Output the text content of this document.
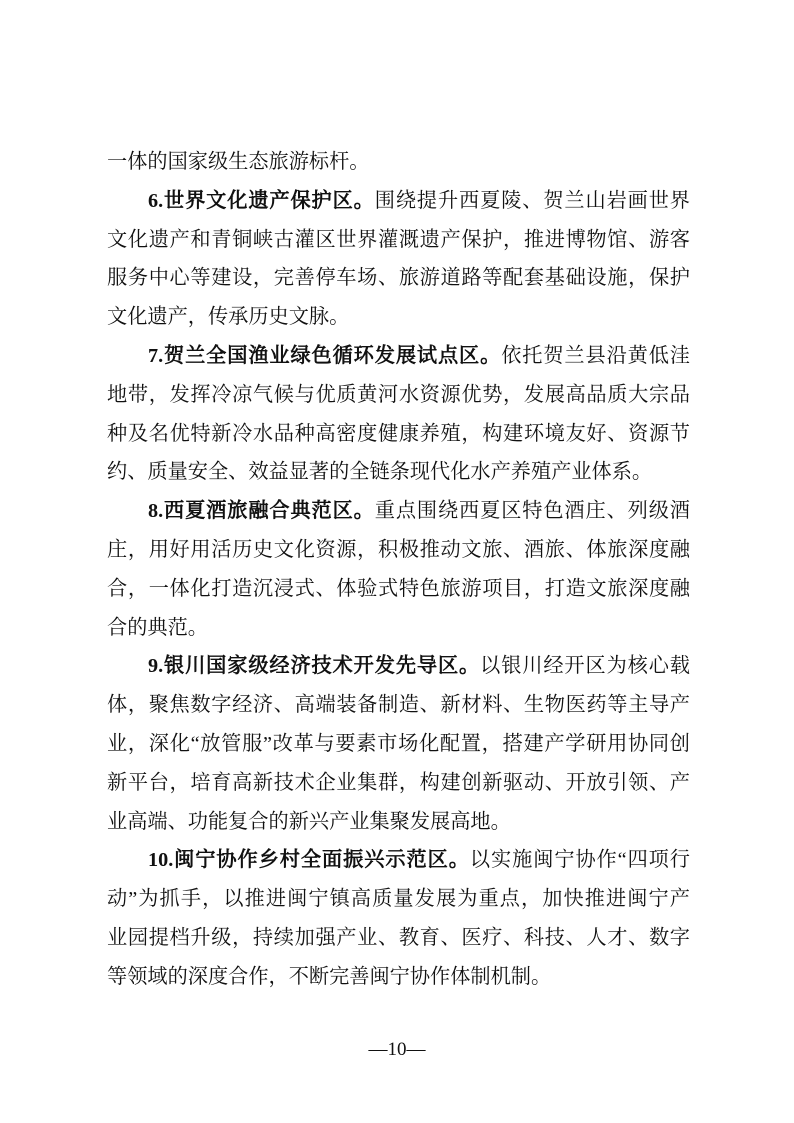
一体的国家级生态旅游标杆。
6.世界文化遗产保护区。围绕提升西夏陵、贺兰山岩画世界
文化遗产和青铜峡古灌区世界灌溉遗产保护，推进博物馆、游客
服务中心等建设，完善停车场、旅游道路等配套基础设施，保护
文化遗产，传承历史文脉。
7.贺兰全国渔业绿色循环发展试点区。依托贺兰县沿黄低洼
地带，发挥冷凉气候与优质黄河水资源优势，发展高品质大宗品
种及名优特新冷水品种高密度健康养殖，构建环境友好、资源节
约、质量安全、效益显著的全链条现代化水产养殖产业体系。
8.西夏酒旅融合典范区。重点围绕西夏区特色酒庄、列级酒
庄，用好用活历史文化资源，积极推动文旅、酒旅、体旅深度融
合，一体化打造沉浸式、体验式特色旅游项目，打造文旅深度融
合的典范。
9.银川国家级经济技术开发先导区。以银川经开区为核心载
体，聚焦数字经济、高端装备制造、新材料、生物医药等主导产
业，深化“放管服”改革与要素市场化配置，搭建产学研用协同创
新平台，培育高新技术企业集群，构建创新驱动、开放引领、产
业高端、功能复合的新兴产业集聚发展高地。
10.闽宁协作乡村全面振兴示范区。以实施闽宁协作“四项行
动”为抓手，以推进闽宁镇高质量发展为重点，加快推进闽宁产
业园提档升级，持续加强产业、教育、医疗、科技、人才、数字
等领域的深度合作，不断完善闽宁协作体制机制。
—10—
